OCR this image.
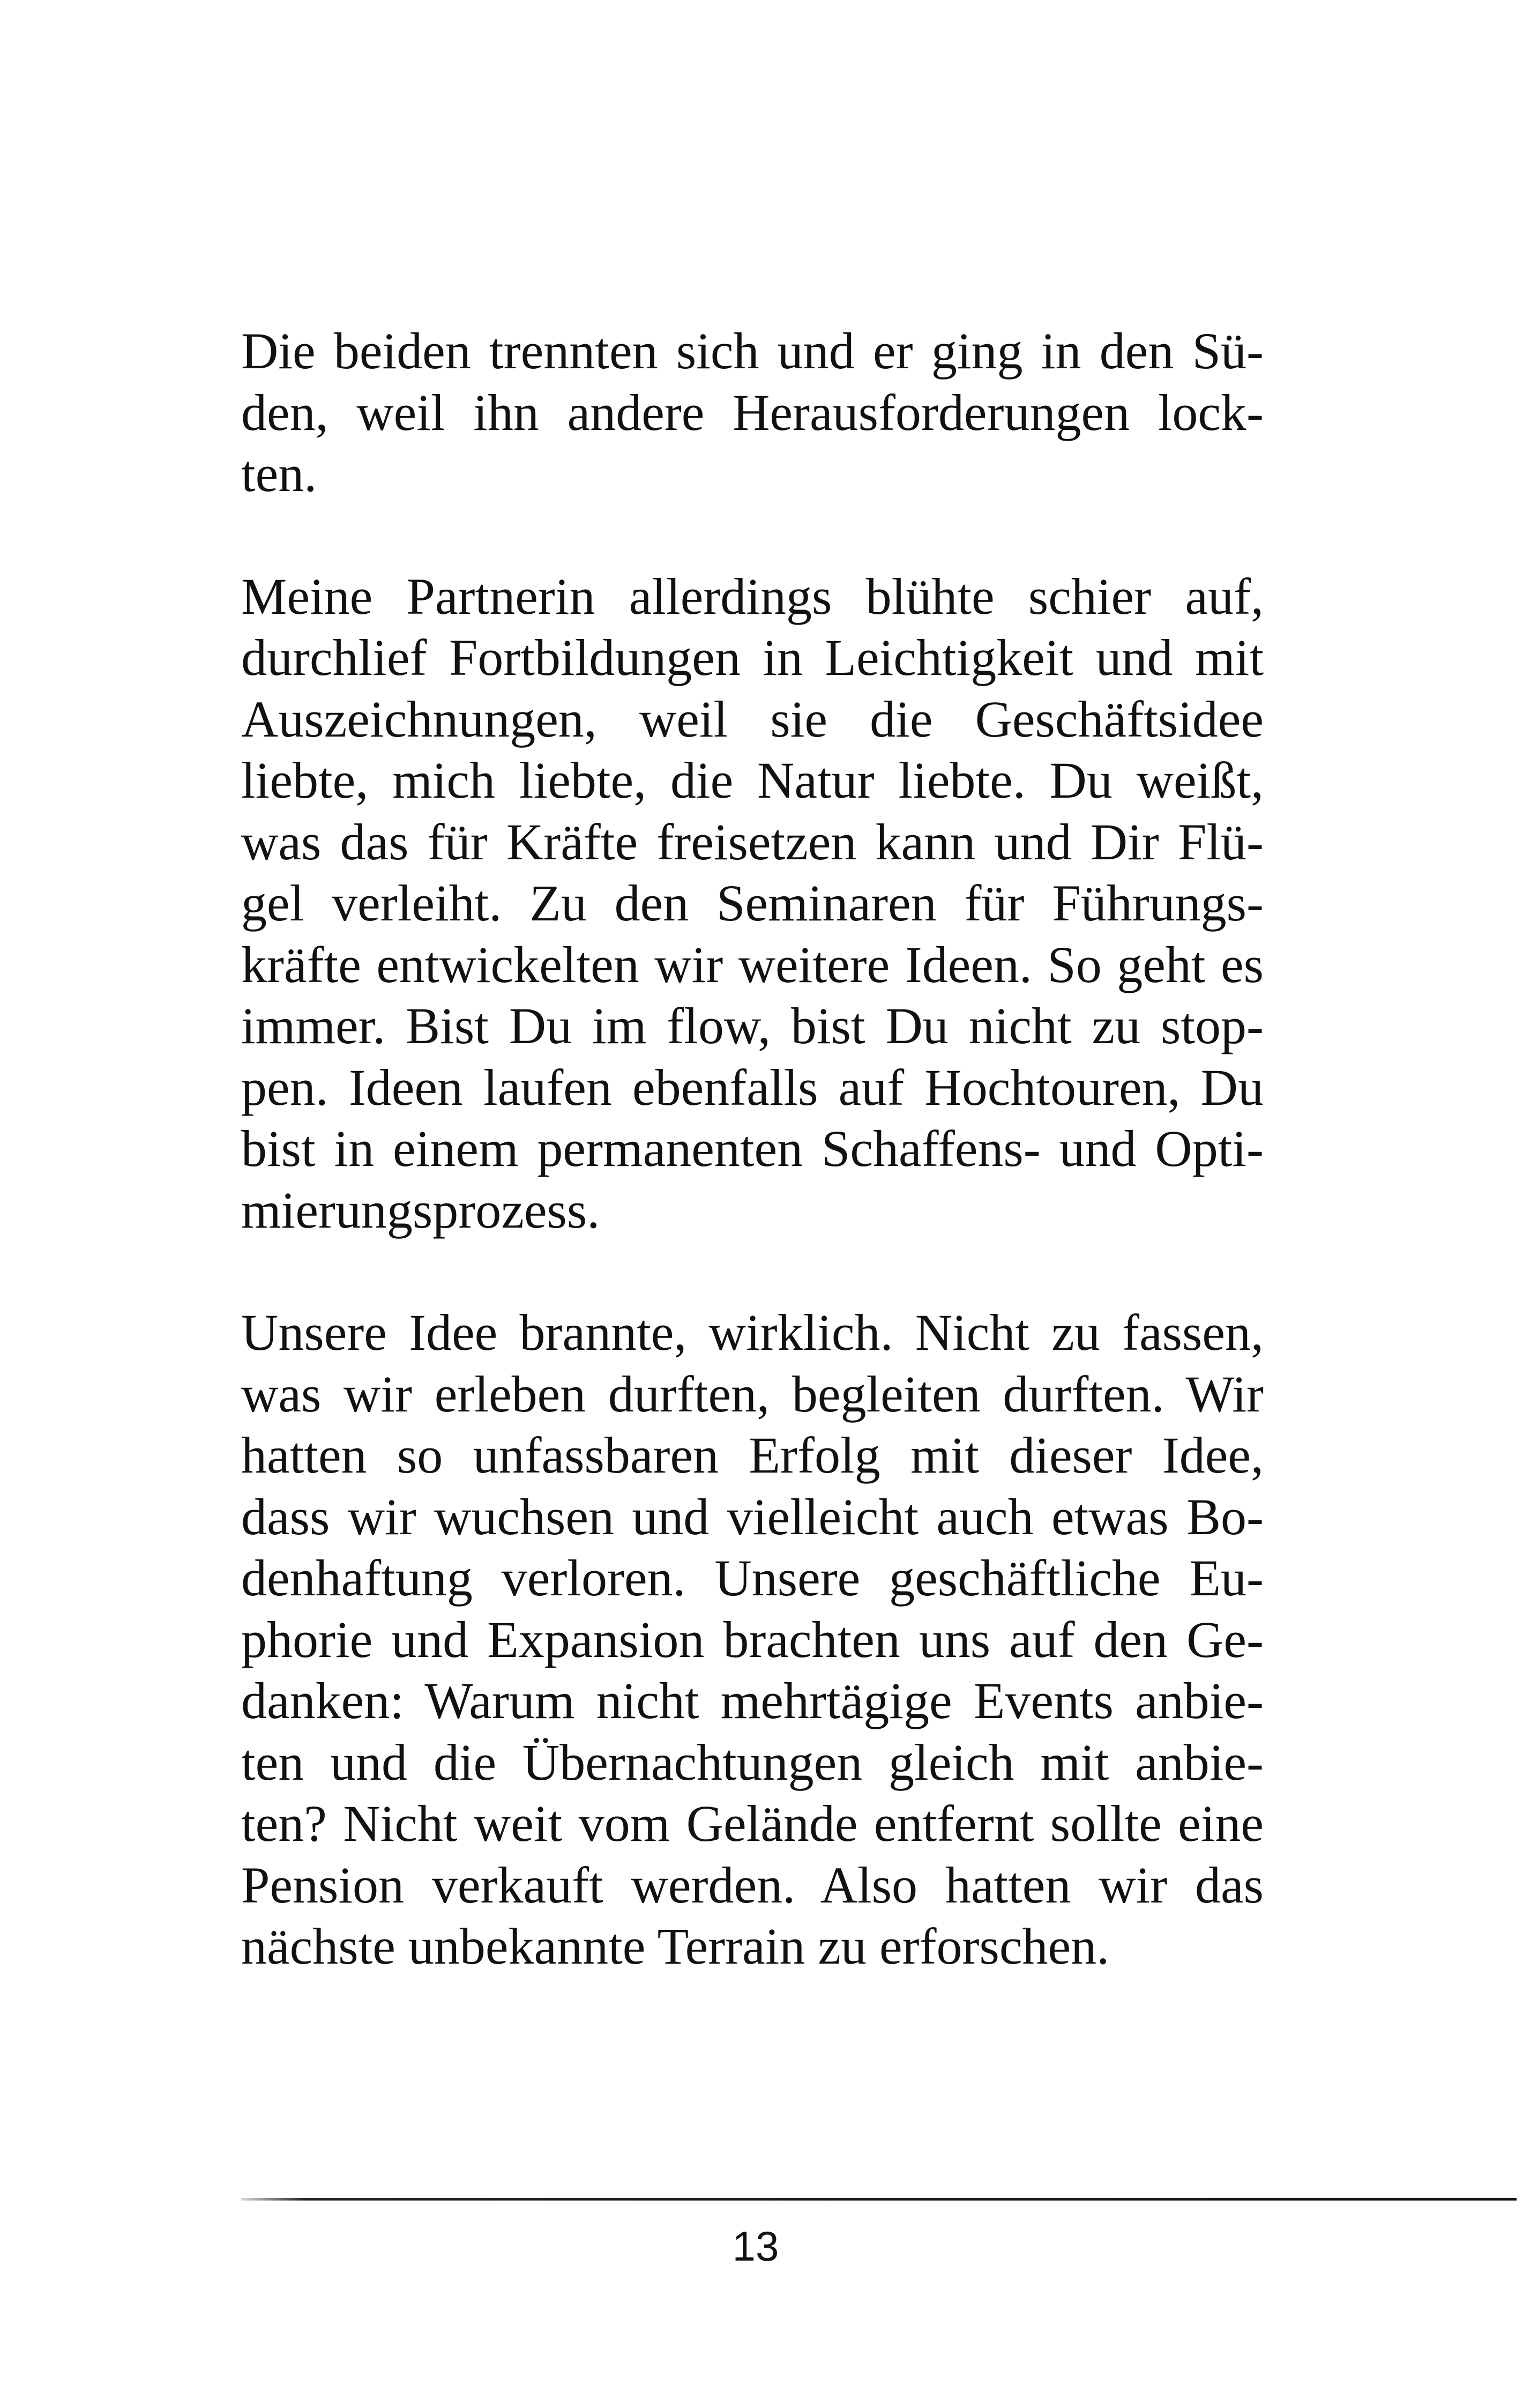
Die beiden trennten sich und er ging in den Sü-
den, weil ihn andere Herausforderungen lock-
ten.

Meine Partnerin allerdings blühte schier auf,
durchlief Fortbildungen in Leichtigkeit und mit
Auszeichnungen, weil sie die Geschäftsidee
liebte, mich liebte, die Natur liebte. Du weißt,
was das für Kräfte freisetzen kann und Dir Flü-
gel verleiht. Zu den Seminaren für Führungs-
kräfte entwickelten wir weitere Ideen. So geht es
immer. Bist Du im flow, bist Du nicht zu stop-
pen. Ideen laufen ebenfalls auf Hochtouren, Du
bist in einem permanenten Schaffens- und Opti-
mierungsprozess.

Unsere Idee brannte, wirklich. Nicht zu fassen,
was wir erleben durften, begleiten durften. Wir
hatten so unfassbaren Erfolg mit dieser Idee,
dass wir wuchsen und vielleicht auch etwas Bo-
denhaftung verloren. Unsere geschäftliche Eu-
phorie und Expansion brachten uns auf den Ge-
danken: Warum nicht mehrtägige Events anbie-
ten und die Übernachtungen gleich mit anbie-
ten? Nicht weit vom Gelände entfernt sollte eine
Pension verkauft werden. Also hatten wir das
nächste unbekannte Terrain zu erforschen.

13
